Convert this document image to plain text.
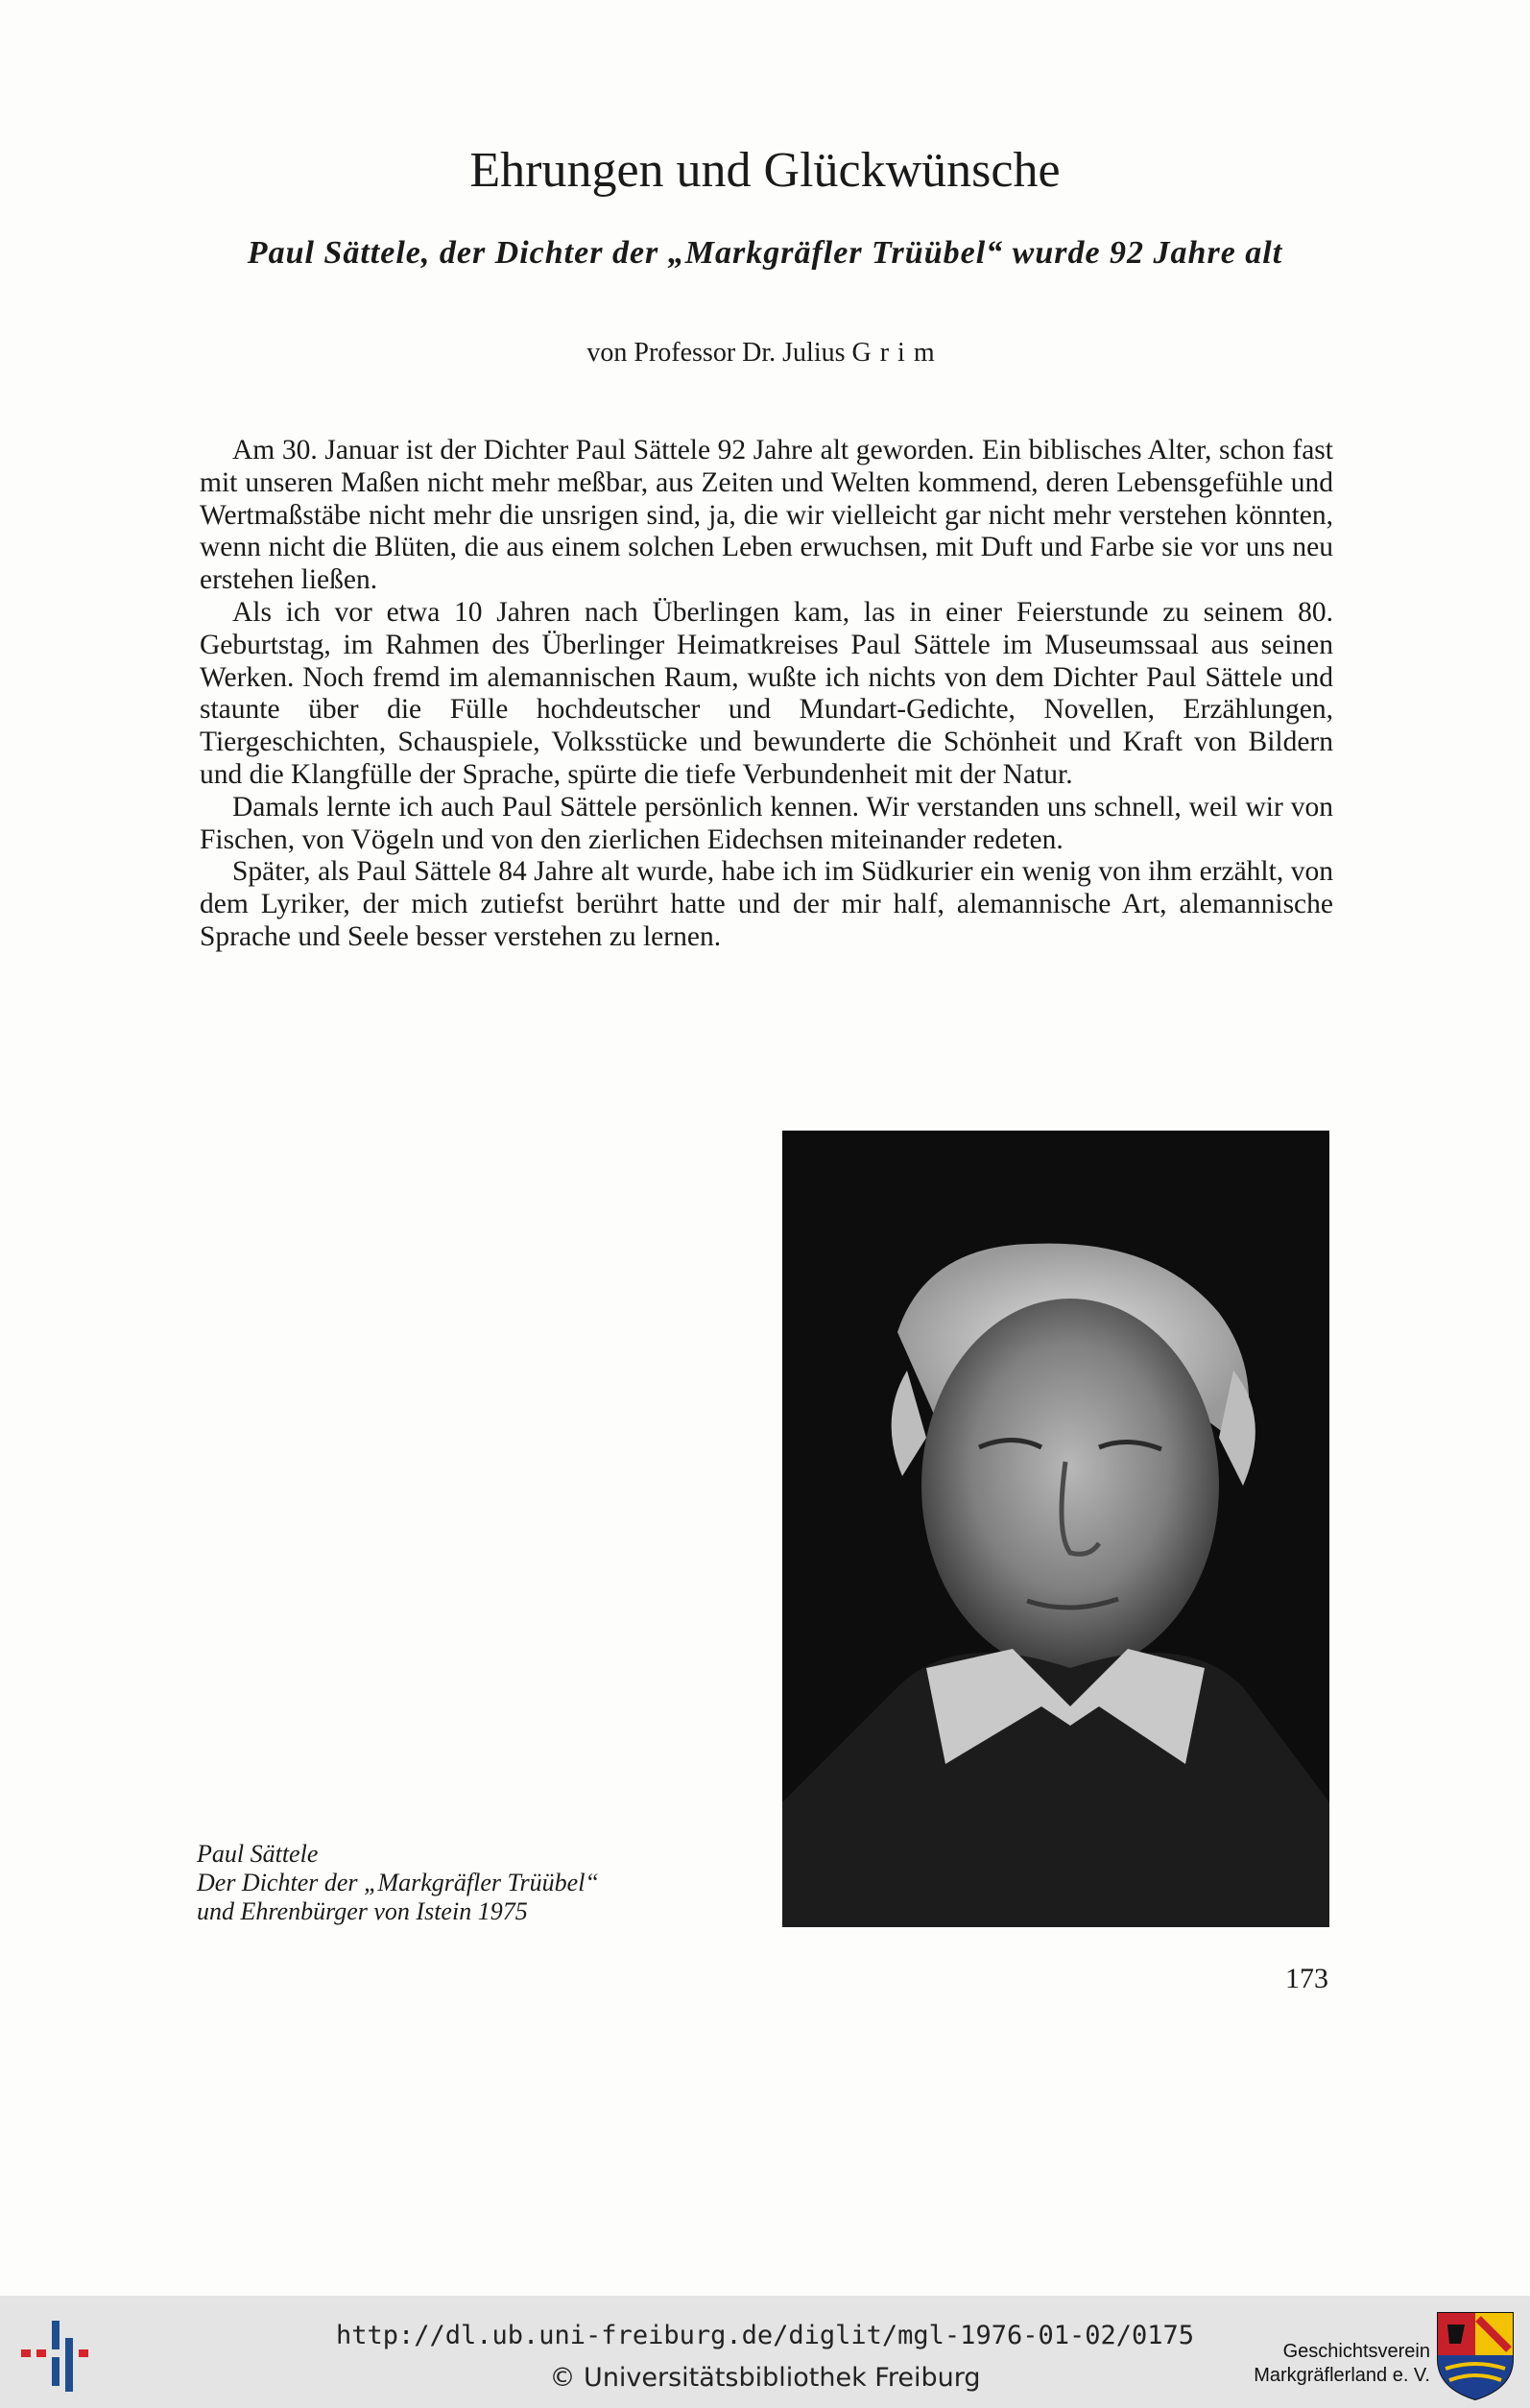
Ehrungen und Glückwünsche
Paul Sättele, der Dichter der „Markgräfler Trüübel“ wurde 92 Jahre alt
von Professor Dr. Julius Grim

Am 30. Januar ist der Dichter Paul Sättele 92 Jahre alt geworden. Ein biblisches Alter, schon fast mit unseren Maßen nicht mehr meßbar, aus Zeiten und Welten kommend, deren Lebensgefühle und Wertmaßstäbe nicht mehr die unsrigen sind, ja, die wir vielleicht gar nicht mehr verstehen könnten, wenn nicht die Blüten, die aus einem solchen Leben erwuchsen, mit Duft und Farbe sie vor uns neu erstehen ließen.

Als ich vor etwa 10 Jahren nach Überlingen kam, las in einer Feierstunde zu seinem 80. Geburtstag, im Rahmen des Überlinger Heimatkreises Paul Sättele im Museumssaal aus seinen Werken. Noch fremd im alemannischen Raum, wußte ich nichts von dem Dichter Paul Sättele und staunte über die Fülle hochdeutscher und Mundart-Gedichte, Novellen, Erzählungen, Tiergeschichten, Schauspiele, Volksstücke und bewunderte die Schönheit und Kraft von Bildern und die Klangfülle der Sprache, spürte die tiefe Verbundenheit mit der Natur.

Damals lernte ich auch Paul Sättele persönlich kennen. Wir verstanden uns schnell, weil wir von Fischen, von Vögeln und von den zierlichen Eidechsen miteinander redeten.

Später, als Paul Sättele 84 Jahre alt wurde, habe ich im Südkurier ein wenig von ihm erzählt, von dem Lyriker, der mich zutiefst berührt hatte und der mir half, alemannische Art, alemannische Sprache und Seele besser verstehen zu lernen.

Paul Sättele
Der Dichter der „Markgräfler Trüübel“
und Ehrenbürger von Istein 1975
173
http://dl.ub.uni-freiburg.de/diglit/mgl-1976-01-02/0175
© Universitätsbibliothek Freiburg
Geschichtsverein
Markgräflerland e. V.
